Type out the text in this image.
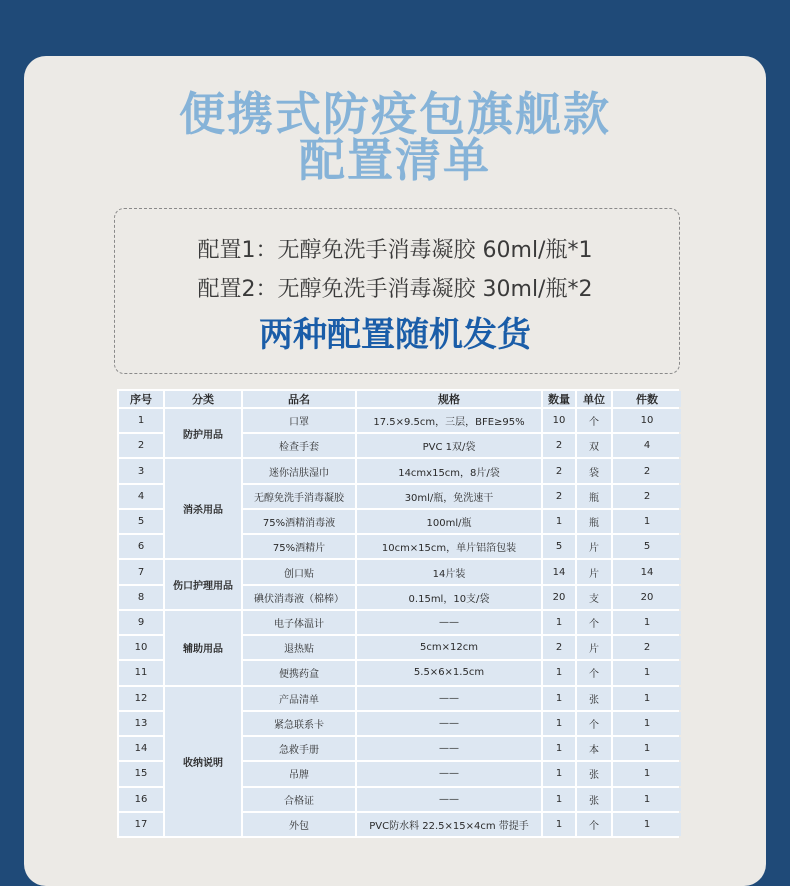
便携式防疫包旗舰款
配置清单

配置1：无醇免洗手消毒凝胶 60ml/瓶*1

配置2：无醇免洗手消毒凝胶 30ml/瓶*2

两种配置随机发货

序号	分类	品名	规格	数量	单位	件数
1	防护用品	口罩	17.5×9.5cm，三层，BFE≥95%	10	个	10
2		检查手套	PVC 1双/袋	2	双	4
3	消杀用品	迷你洁肤湿巾	14cmx15cm，8片/袋	2	袋	2
4		无醇免洗手消毒凝胶	30ml/瓶，免洗速干	2	瓶	2
5		75%酒精消毒液	100ml/瓶	1	瓶	1
6		75%酒精片	10cm×15cm，单片铝箔包装	5	片	5
7	伤口护理用品	创口贴	14片装	14	片	14
8		碘伏消毒液（棉棒）	0.15ml，10支/袋	20	支	20
9	辅助用品	电子体温计	——	1	个	1
10		退热贴	5cm×12cm	2	片	2
11		便携药盒	5.5×6×1.5cm	1	个	1
12	收纳说明	产品清单	——	1	张	1
13		紧急联系卡	——	1	个	1
14		急救手册	——	1	本	1
15		吊牌	——	1	张	1
16		合格证	——	1	张	1
17		外包	PVC防水料 22.5×15×4cm 带提手	1	个	1
